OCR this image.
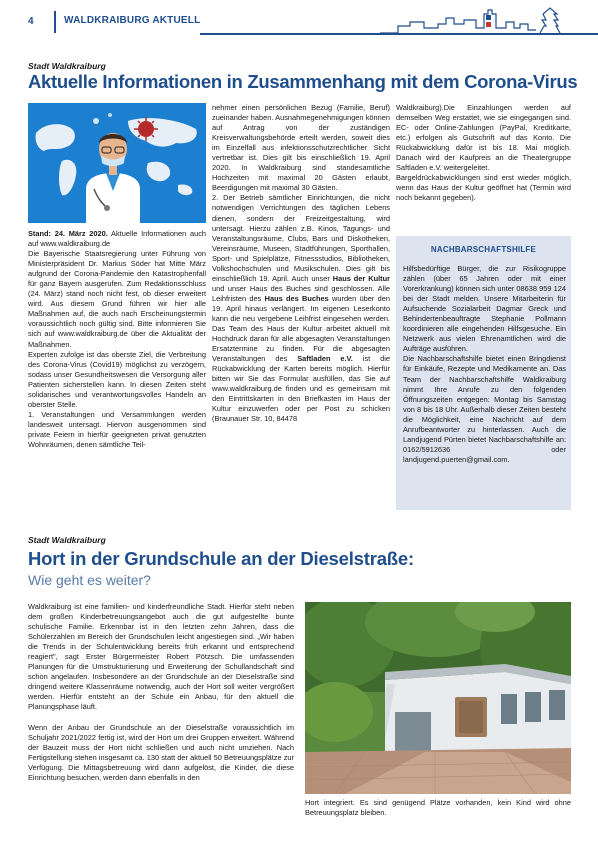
4	WALDKRAIBURG AKTUELL
Stadt Waldkraiburg
Aktuelle Informationen in Zusammenhang mit dem Corona-Virus

Stand: 24. März 2020. Aktuelle Informationen auch auf www.waldkraiburg.de

Die Bayerische Staatsregierung unter Führung von Ministerpräsident Dr. Markus Söder hat Mitte März aufgrund der Corona-Pandemie den Katastrophenfall für ganz Bayern ausgerufen. Zum Redaktionsschluss (24. März) stand noch nicht fest, ob dieser erweitert wird. Aus diesem Grund führen wir hier alle Maßnahmen auf, die auch nach Erscheinungstermin voraussichtlich noch gültig sind. Bitte informieren Sie sich auf www.waldkraiburg.de über die Aktualität der Maßnahmen.

Experten zufolge ist das oberste Ziel, die Verbreitung des Corona-Virus (Covid19) möglichst zu verzögern, sodass unser Gesundheitswesen die Versorgung aller Patienten sicherstellen kann. In diesen Zeiten steht solidarisches und verantwortungsvolles Handeln an oberster Stelle.

1. Veranstaltungen und Versammlungen werden landesweit untersagt. Hiervon ausgenommen sind private Feiern in hierfür geeigneten privat genutzten Wohnräumen, denen sämtliche Teil-

nehmer einen persönlichen Bezug (Familie, Beruf) zueinander haben. Ausnahmegenehmigungen können auf Antrag von der zuständigen Kreisverwaltungsbehörde erteilt werden, soweit dies im Einzelfall aus infektionsschutzrechtlicher Sicht vertretbar ist. Dies gilt bis einschließlich 19. April 2020. In Waldkraiburg sind standesamtliche Hochzeiten mit maximal 20 Gästen erlaubt, Beerdigungen mit maximal 30 Gästen.

2. Der Betrieb sämtlicher Einrichtungen, die nicht notwendigen Verrichtungen des täglichen Lebens dienen, sondern der Freizeitgestaltung, wird untersagt. Hierzu zählen z.B. Kinos, Tagungs- und Veranstaltungsräume, Clubs, Bars und Diskotheken, Vereinsräume, Museen, Stadtführungen, Sporthallen, Sport- und Spielplätze, Fitnessstudios, Bibliotheken, Volkshochschulen und Musikschulen. Dies gilt bis einschließlich 19. April. Auch unser Haus der Kultur und unser Haus des Buches sind geschlossen. Alle Leihfristen des Haus des Buches wurden über den 19. April hinaus verlängert. Im eigenen Leserkonto kann die neu vergebene Leihfrist eingesehen werden. Das Team des Haus der Kultur arbeitet aktuell mit Hochdruck daran für alle abgesagten Veranstaltungen Ersatztermine zu finden. Für die abgesagten Veranstaltungen des Saftladen e.V. ist die Rückabwicklung der Karten bereits möglich. Hierfür bitten wir Sie das Formular ausfüllen, das Sie auf www.waldkraiburg.de finden und es gemeinsam mit den Eintrittskarten in den Briefkasten im Haus der Kultur einzuwerfen oder per Post zu schicken (Braunauer Str. 10, 84478

Waldkraiburg).Die Einzahlungen werden auf demselben Weg erstattet, wie sie eingegangen sind. EC- oder Online-Zahlungen (PayPal, Kreditkarte, etc.) erfolgen als Gutschrift auf das Konto. Die Rückabwicklung dafür ist bis 18. Mai möglich. Danach wird der Kaufpreis an die Theatergruppe Saftladen e.V. weitergeleitet.

Bargeldrückabwicklungen sind erst wieder möglich, wenn das Haus der Kultur geöffnet hat (Termin wird noch bekannt gegeben).

NACHBARSCHAFTSHILFE

Hilfsbedürftige Bürger, die zur Risikogruppe zählen (über 65 Jahren oder mit einer Vorerkrankung) können sich unter 08638 959 124 bei der Stadt melden. Unsere Mitarbeiterin für Aufsuchende Sozialarbeit Dagmar Greck und Behindertenbeauftragte Stephanie Pollmann koordinieren alle eingehenden Hilfsgesuche. Ein Netzwerk aus vielen Ehrenamtlichen wird die Aufträge ausführen.

Die Nachbarschaftshilfe bietet einen Bringdienst für Einkäufe, Rezepte und Medikamente an. Das Team der Nachbarschaftshilfe Waldkraiburg nimmt Ihre Anrufe zu den folgenden Öffnungszeiten entgegen: Montag bis Samstag von 8 bis 18 Uhr. Außerhalb dieser Zeiten besteht die Möglichkeit, eine Nachricht auf dem Anrufbeantworter zu hinterlassen. Auch die Landjugend Pürten bietet Nachbarschaftshilfe an: 0162/5912636 oder landjugend.puerten@gmail.com.

Stadt Waldkraiburg
Hort in der Grundschule an der Dieselstraße:
Wie geht es weiter?

Waldkraiburg ist eine familien- und kinderfreundliche Stadt. Hierfür steht neben dem großen Kinderbetreuungsangebot auch die gut aufgestellte bunte schulische Familie. Erkennbar ist in den letzten zehn Jahren, dass die Schülerzahlen im Bereich der Grundschulen leicht angestiegen sind. „Wir haben die Trends in der Schulentwicklung bereits früh erkannt und entsprechend reagiert", sagt Erster Bürgermeister Robert Pötzsch. Die umfassenden Planungen für die Umstrukturierung und Erweiterung der Schullandschaft sind schon angelaufen. Insbesondere an der Grundschule an der Dieselstraße sind dringend weitere Klassenräume notwendig, auch der Hort soll weiter vergrößert werden. Hierfür entsteht an der Schule ein Anbau, für den aktuell die Planungsphase läuft.

Wenn der Anbau der Grundschule an der Dieselstraße voraussichtlich im Schuljahr 2021/2022 fertig ist, wird der Hort um drei Gruppen erweitert. Während der Bauzeit muss der Hort nicht schließen und auch nicht umziehen. Nach Fertigstellung stehen insgesamt ca. 130 statt der aktuell 50 Betreuungsplätze zur Verfügung. Die Mittagsbetreuung wird dann aufgelöst, die Kinder, die diese Einrichtung besuchen, werden dann ebenfalls in den

Hort integriert. Es sind genügend Plätze vorhanden, kein Kind wird ohne Betreuungsplatz bleiben.
